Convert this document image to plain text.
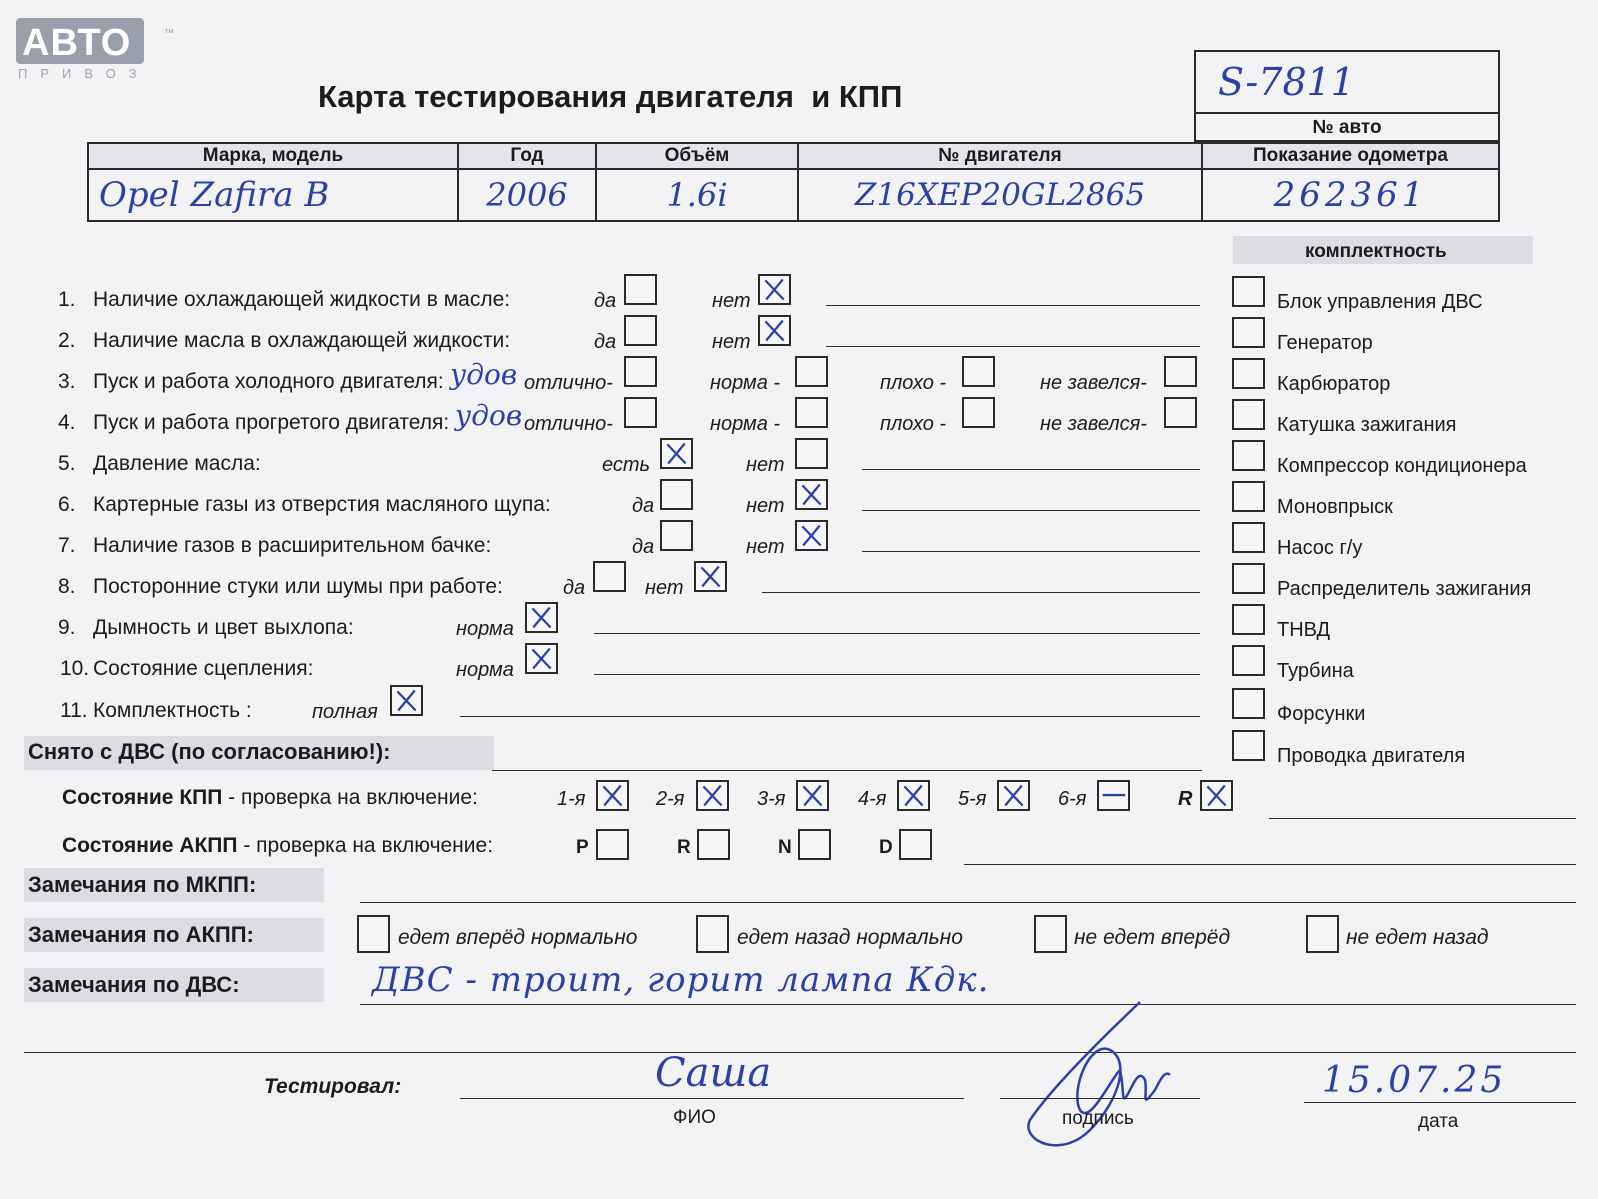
АВТО	™
ПРИВОЗ
Карта тестирования двигателя  и КПП	S-7811
№ авто
Марка, модель	Год	Объём	№ двигателя	Показание одометра
Opel Zafira B	2006	1.6i	Z16XEP20GL2865	262361
комплектность
1. Наличие охлаждающей жидкости в масле:	да	нет
2. Наличие масла в охлаждающей жидкости:	да	нет
3. Пуск и работа холодного двигателя: удов отлично-	норма -	плохо -	не завелся-
4. Пуск и работа прогретого двигателя: удов отлично-	норма -	плохо -	не завелся-
5. Давление масла:	есть	нет
6. Картерные газы из отверстия масляного щупа:	да	нет
7. Наличие газов в расширительном бачке:	да	нет
8. Посторонние стуки или шумы при работе:	да	нет
9. Дымность и цвет выхлопа:	норма
10. Состояние сцепления:	норма
11. Комплектность :	полная
Блок управления ДВС
Генератор
Карбюратор
Катушка зажигания
Компрессор кондиционера
Моновпрыск
Насос г/у
Распределитель зажигания
ТНВД
Турбина
Форсунки
Проводка двигателя
Снято с ДВС (по согласованию!):
Состояние КПП - проверка на включение:	1-я	2-я	3-я	4-я	5-я	6-я	R
Состояние АКПП - проверка на включение:	P	R	N	D
Замечания по МКПП:
Замечания по АКПП:	едет вперёд нормально	едет назад нормально	не едет вперёд	не едет назад
Замечания по ДВС:	ДВС - троит, горит лампа Кдк.
Тестировал:	Саша
ФИО	подпись
15.07.25
дата
